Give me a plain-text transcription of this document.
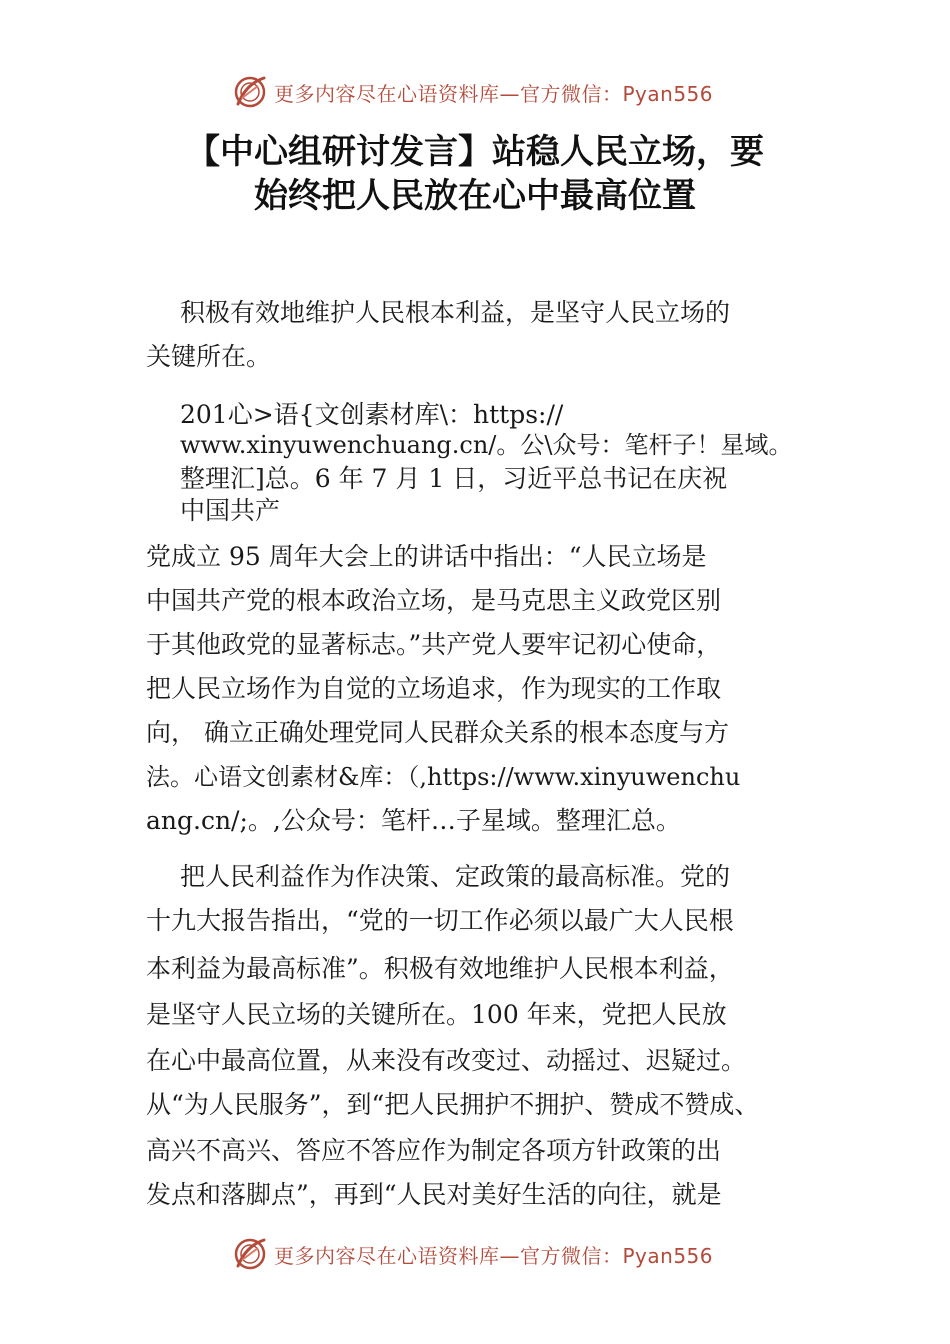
更多内容尽在心语资料库—官方微信：Pyan556
【中心组研讨发言】站稳人民立场，要
始终把人民放在心中最高位置
积极有效地维护人民根本利益，是坚守人民立场的
关键所在。
201心>语{文创素材库\：https://
www.xinyuwenchuang.cn/。公\众号：笔杆子！星域。
整理汇]总。6 年 7 月 1 日，习近平总书记在庆祝
中国共产
党成立 95 周年大会上的讲话中指出：“人民立场是
中国共产党的根本政治立场，是马克思主义政党区别
于其他政党的显著标志。”共产党人要牢记初心使命，
把人民立场作为自觉的立场追求，作为现实的工作取
向， 确立正确处理党同人民群众关系的根本态度与方
法。心语文创素材&库：（,https://www.xinyuwenchu
ang.cn/;。,公众号：笔杆…子星域。整理汇总。
把人民利益作为作决策、定政策的最高标准。党的
十九大报告指出，“党的一切工作必须以最广大人民根
本利益为最高标准”。积极有效地维护人民根本利益，
是坚守人民立场的关键所在。100 年来，党把人民放
在心中最高位置，从来没有改变过、动摇过、迟疑过。
从“为人民服务”，到“把人民拥护不拥护、赞成不赞成、
高兴不高兴、答应不答应作为制定各项方针政策的出
发点和落脚点”，再到“人民对美好生活的向往，就是
更多内容尽在心语资料库—官方微信：Pyan556
